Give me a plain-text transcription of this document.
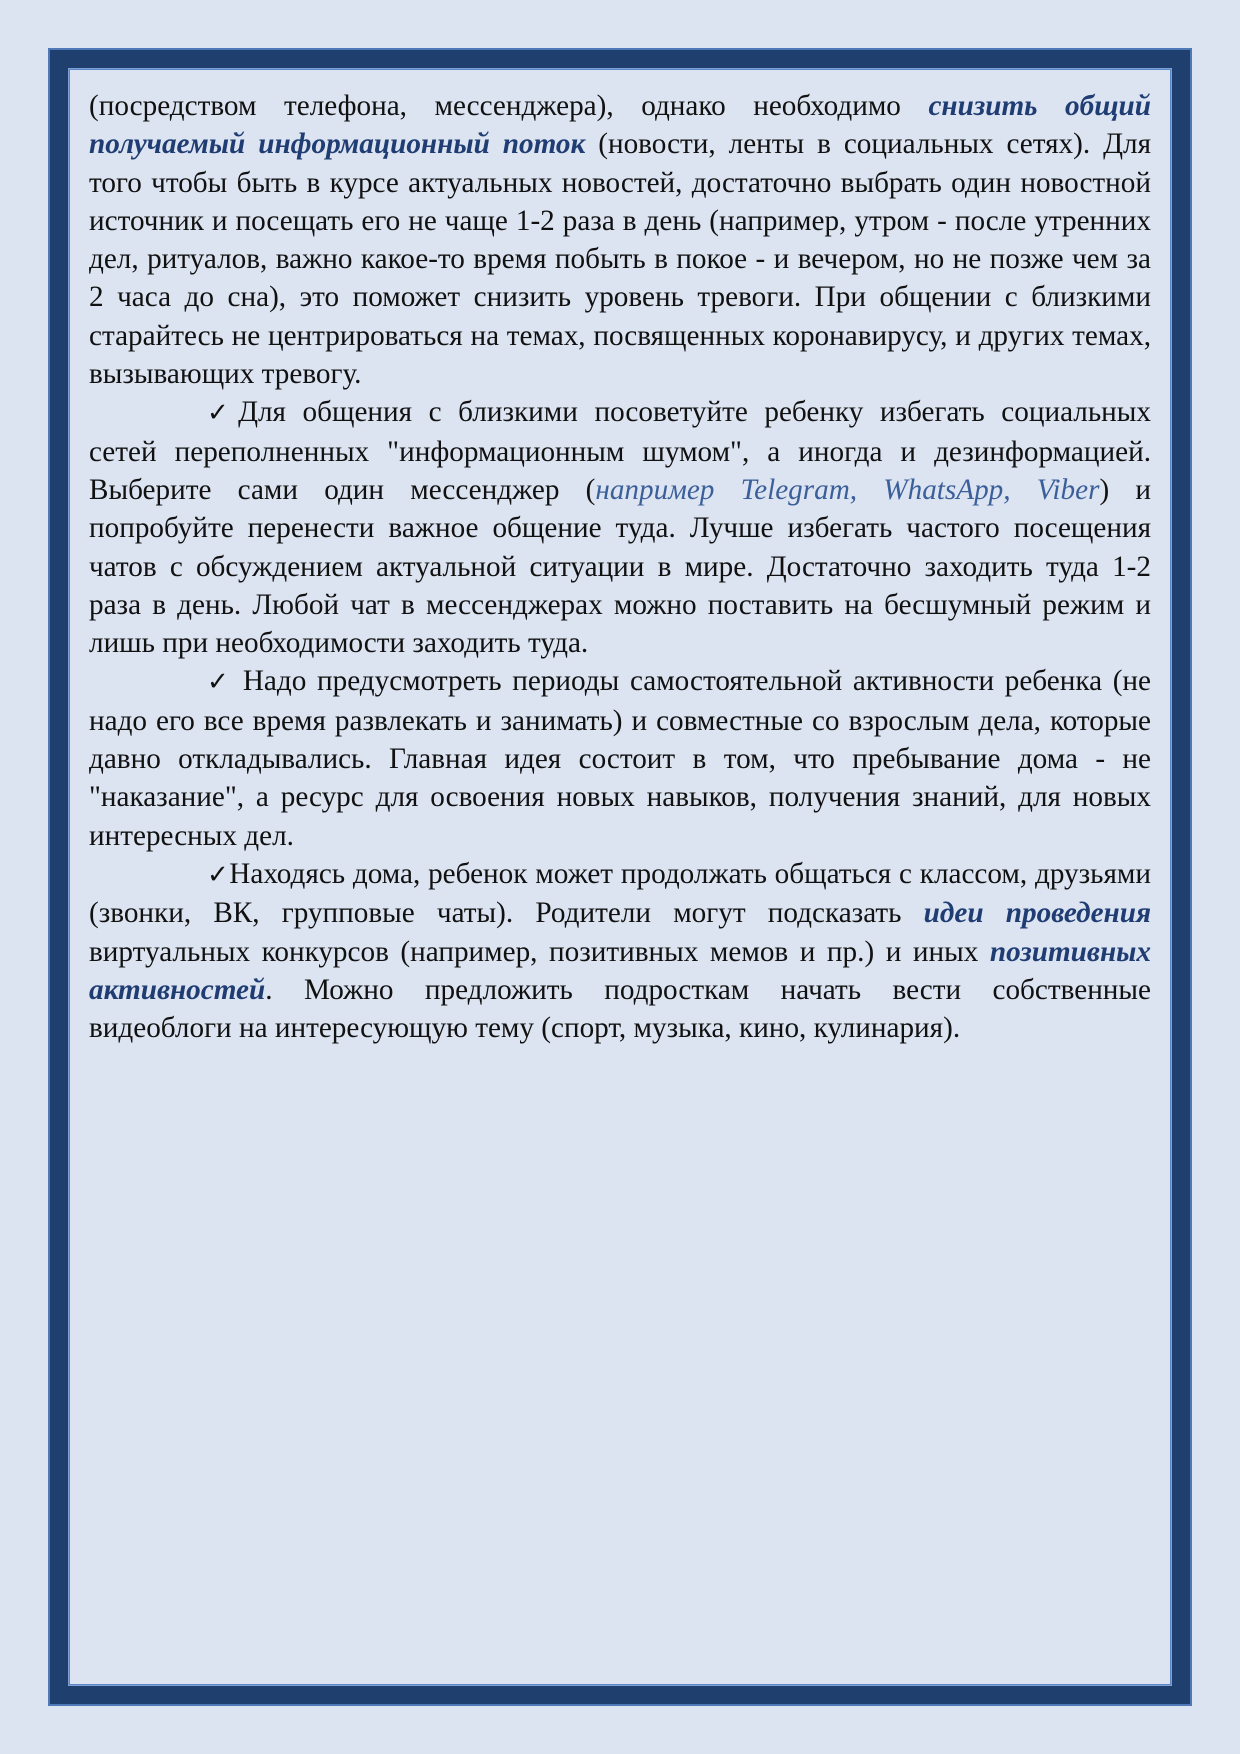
(посредством телефона, мессенджера), однако необходимо снизить общий получаемый информационный поток (новости, ленты в социальных сетях). Для того чтобы быть в курсе актуальных новостей, достаточно выбрать один новостной источник и посещать его не чаще 1-2 раза в день (например, утром - после утренних дел, ритуалов, важно какое-то время побыть в покое - и вечером, но не позже чем за 2 часа до сна), это поможет снизить уровень тревоги. При общении с близкими старайтесь не центрироваться на темах, посвященных коронавирусу, и других темах, вызывающих тревогу.

✓Для общения с близкими посоветуйте ребенку избегать социальных сетей переполненных "информационным шумом", а иногда и дезинформацией. Выберите сами один мессенджер (например Telegram, WhatsApp, Viber) и попробуйте перенести важное общение туда. Лучше избегать частого посещения чатов с обсуждением актуальной ситуации в мире. Достаточно заходить туда 1-2 раза в день. Любой чат в мессенджерах можно поставить на бесшумный режим и лишь при необходимости заходить туда.

✓ Надо предусмотреть периоды самостоятельной активности ребенка (не надо его все время развлекать и занимать) и совместные со взрослым дела, которые давно откладывались. Главная идея состоит в том, что пребывание дома - не "наказание", а ресурс для освоения новых навыков, получения знаний, для новых интересных дел.

✓Находясь дома, ребенок может продолжать общаться с классом, друзьями (звонки, ВК, групповые чаты). Родители могут подсказать идеи проведения виртуальных конкурсов (например, позитивных мемов и пр.) и иных позитивных активностей. Можно предложить подросткам начать вести собственные видеоблоги на интересующую тему (спорт, музыка, кино, кулинария).
